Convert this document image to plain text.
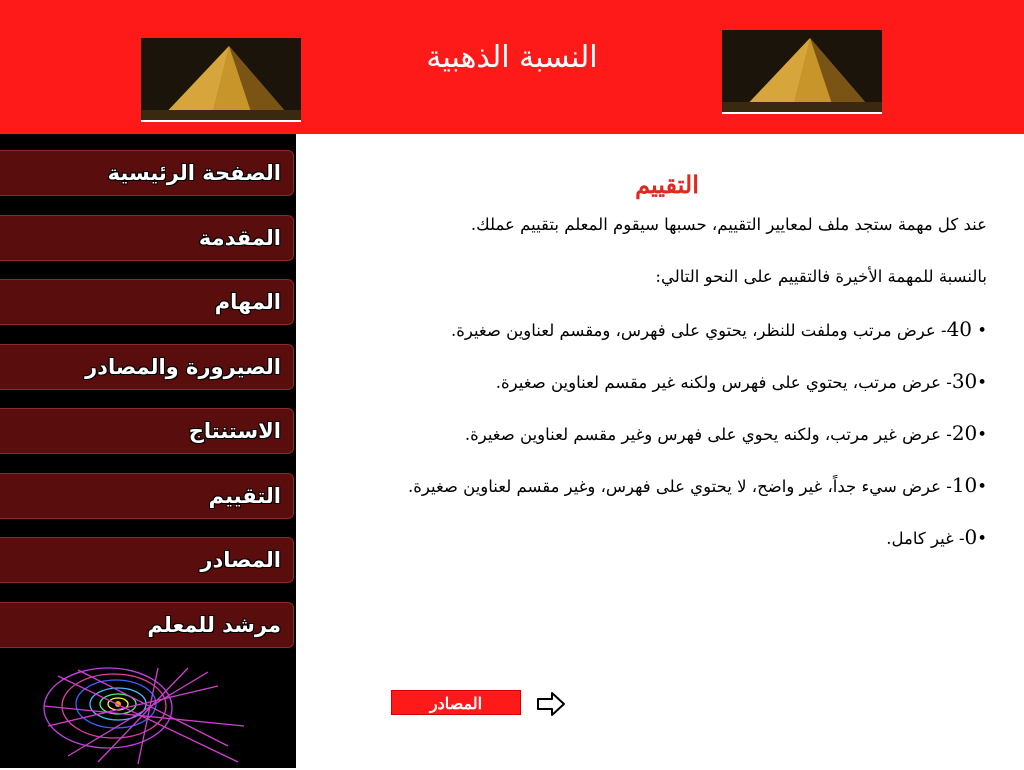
النسبة الذهبية
الصفحة الرئيسية
المقدمة
المهام
الصيرورة والمصادر
الاستنتاج
التقييم
المصادر
مرشد للمعلم
التقييم

عند كل مهمة ستجد ملف لمعايير التقييم، حسبها سيقوم المعلم بتقييم عملك.

بالنسبة للمهمة الأخيرة فالتقييم على النحو التالي:

• 40- عرض مرتب وملفت للنظر، يحتوي على فهرس، ومقسم لعناوين صغيرة.

•30- عرض مرتب، يحتوي على فهرس ولكنه غير مقسم لعناوين صغيرة.

•20- عرض غير مرتب، ولكنه يحوي على فهرس وغير مقسم لعناوين صغيرة.

•10- عرض سيء جداً، غير واضح، لا يحتوي على فهرس، وغير مقسم لعناوين صغيرة.

•0- غير كامل.

المصادر
